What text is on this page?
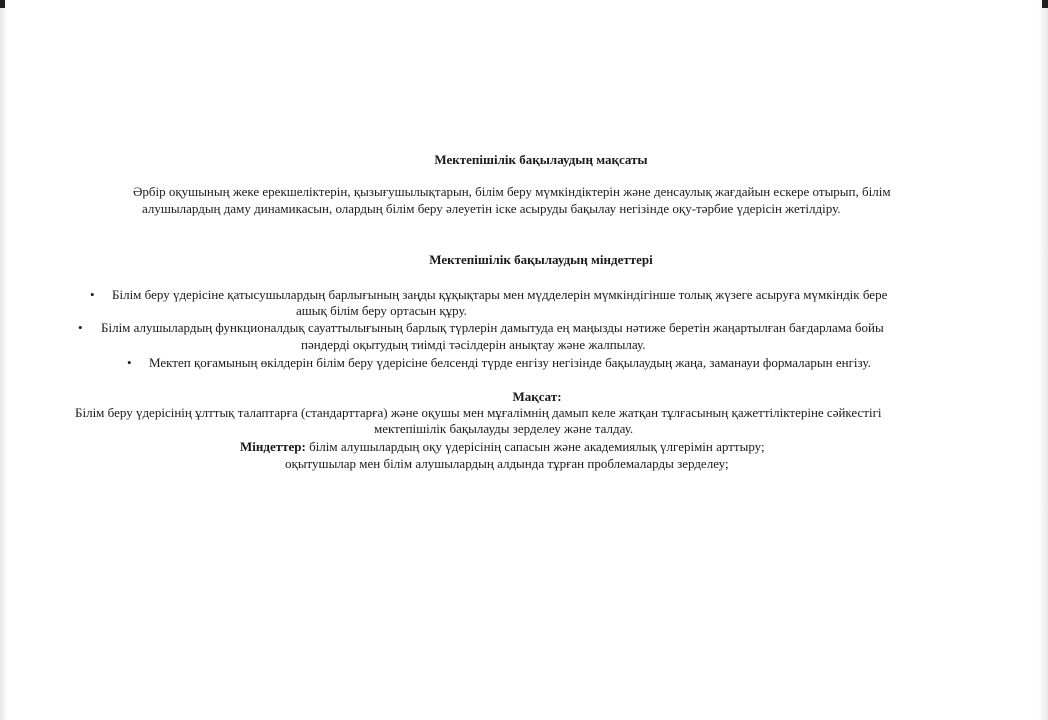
Мектепішілік бақылаудың мақсаты

Әрбір оқушының жеке ерекшеліктерін, қызығушылықтарын, білім беру мүмкіндіктерін және денсаулық жағдайын ескере отырып, білім

алушылардың даму динамикасын, олардың білім беру әлеуетін іске асыруды бақылау негізінде оқу-тәрбие үдерісін жетілдіру.

Мектепішілік бақылаудың міндеттері

• Білім беру үдерісіне қатысушылардың барлығының заңды құқықтары мен мүдделерін мүмкіндігінше толық жүзеге асыруға мүмкіндік бере

ашық білім беру ортасын құру.

• Білім алушылардың функционалдық сауаттылығының барлық түрлерін дамытуда ең маңызды нәтиже беретін жаңартылған бағдарлама бойы

пәндерді оқытудың тиімді тәсілдерін анықтау және жалпылау.

• Мектеп қоғамының өкілдерін білім беру үдерісіне белсенді түрде енгізу негізінде бақылаудың жаңа, заманауи формаларын енгізу.

Мақсат:

Білім беру үдерісінің ұлттық талаптарға (стандарттарға) және оқушы мен мұғалімнің дамып келе жатқан тұлғасының қажеттіліктеріне сәйкестігі

мектепішілік бақылауды зерделеу және талдау.

Міндеттер: білім алушылардың оқу үдерісінің сапасын және академиялық үлгерімін арттыру;

оқытушылар мен білім алушылардың алдында тұрған проблемаларды зерделеу;
